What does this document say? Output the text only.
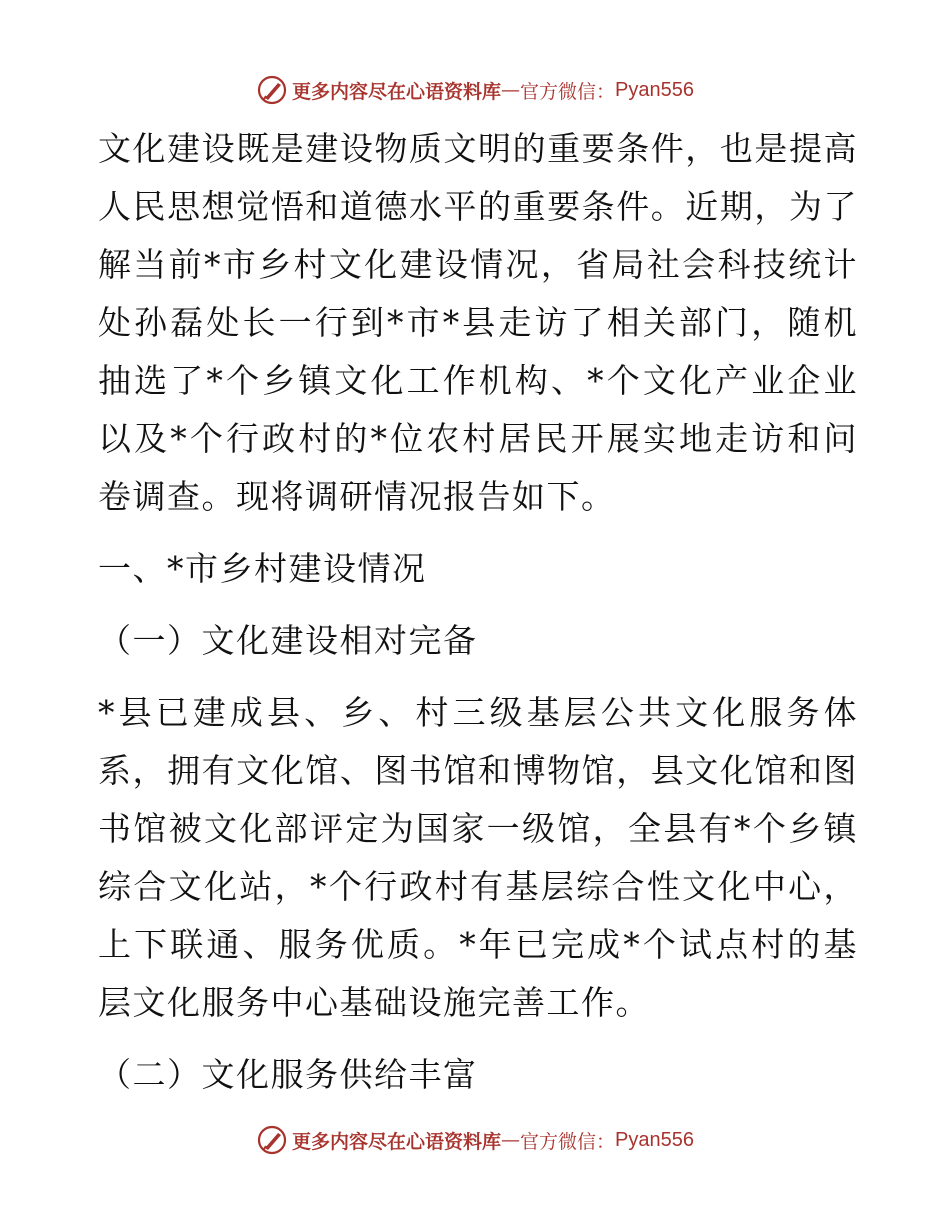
更多内容尽在心语资料库 — 官方微信： Pyan556

文化建设既是建设物质文明的重要条件，也是提高人民思想觉悟和道德水平的重要条件。近期，为了解当前*市乡村文化建设情况，省局社会科技统计处孙磊处长一行到*市*县走访了相关部门，随机抽选了*个乡镇文化工作机构、*个文化产业企业以及*个行政村的*位农村居民开展实地走访和问卷调查。现将调研情况报告如下。

一、*市乡村建设情况

（一）文化建设相对完备

*县已建成县、乡、村三级基层公共文化服务体系，拥有文化馆、图书馆和博物馆，县文化馆和图书馆被文化部评定为国家一级馆，全县有*个乡镇综合文化站，*个行政村有基层综合性文化中心，上下联通、服务优质。*年已完成*个试点村的基层文化服务中心基础设施完善工作。

（二）文化服务供给丰富

更多内容尽在心语资料库 — 官方微信： Pyan556
